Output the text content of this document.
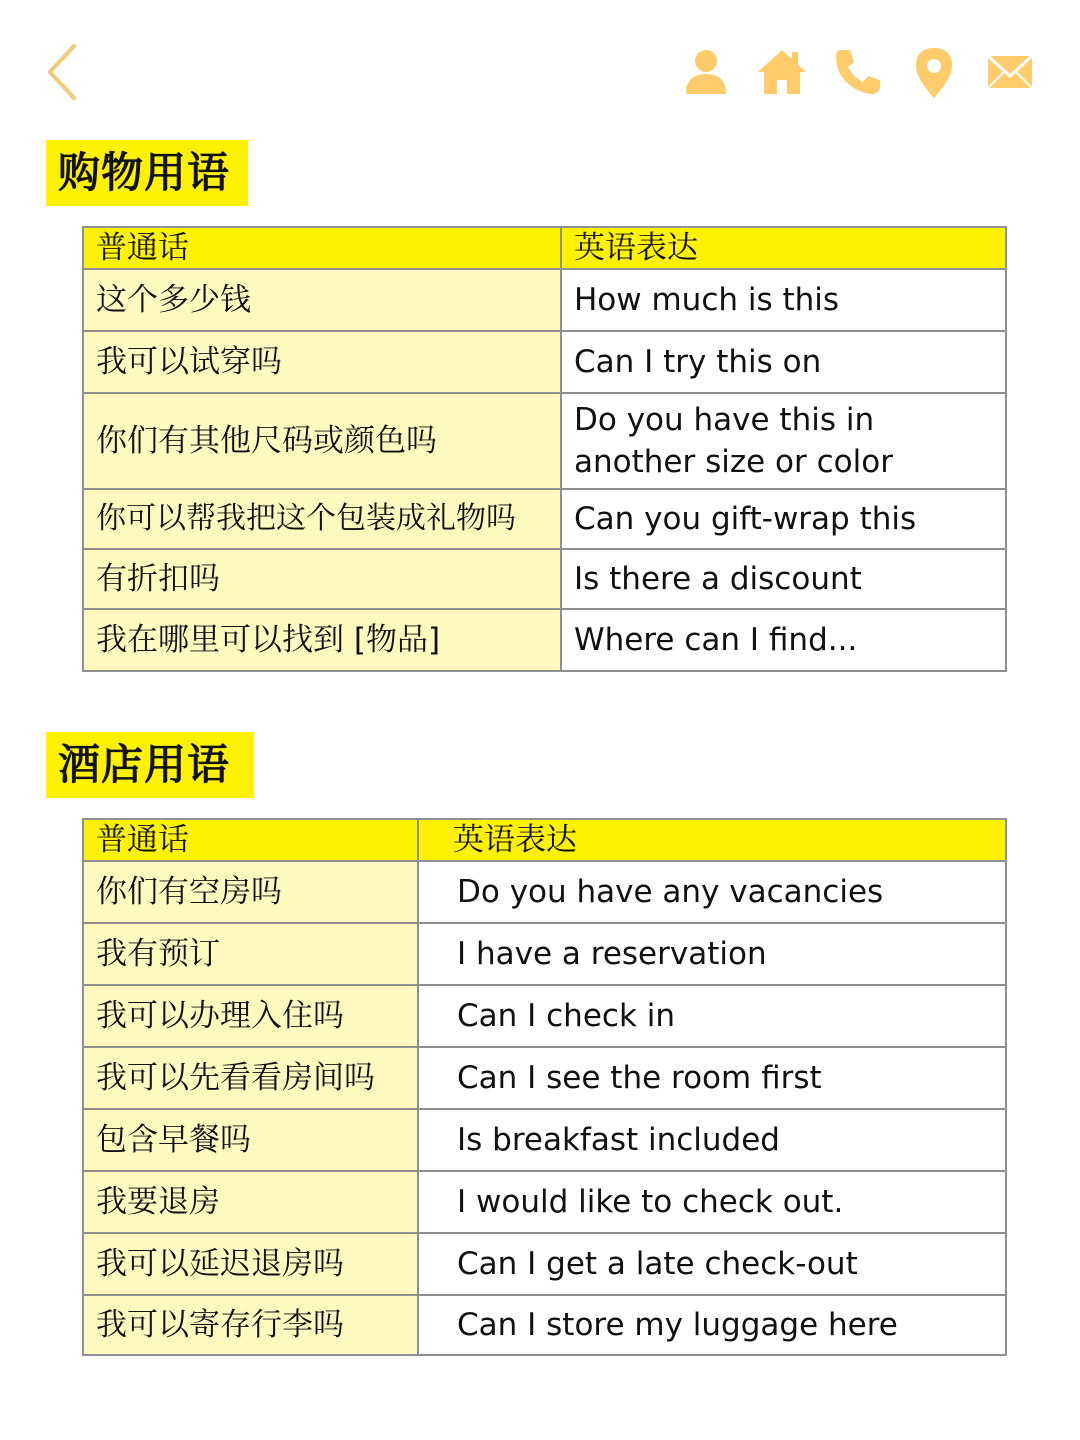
购物用语
普通话	英语表达
这个多少钱	How much is this
我可以试穿吗	Can I try this on
你们有其他尺码或颜色吗	Do you have this in another size or color
你可以帮我把这个包装成礼物吗	Can you gift-wrap this
有折扣吗	Is there a discount
我在哪里可以找到 [物品]	Where can I find...
酒店用语
普通话	英语表达
你们有空房吗	Do you have any vacancies
我有预订	I have a reservation
我可以办理入住吗	Can I check in
我可以先看看房间吗	Can I see the room first
包含早餐吗	Is breakfast included
我要退房	I would like to check out.
我可以延迟退房吗	Can I get a late check-out
我可以寄存行李吗	Can I store my luggage here
